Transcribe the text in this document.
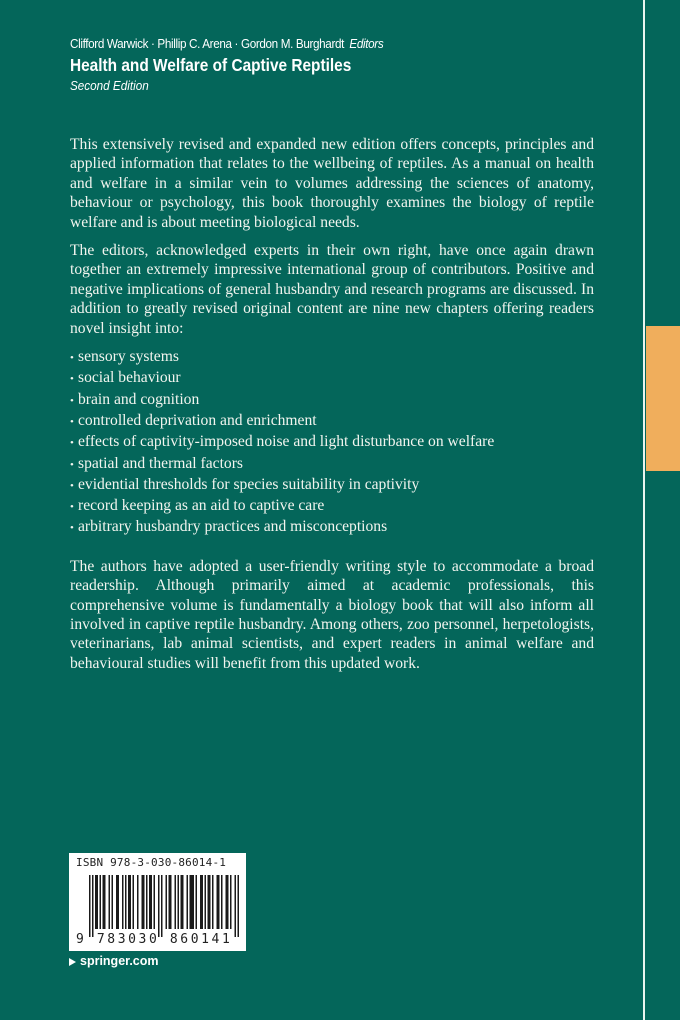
Clifford Warwick · Phillip C. Arena · Gordon M. Burghardt Editors
Health and Welfare of Captive Reptiles
Second Edition

This extensively revised and expanded new edition offers concepts, principles and applied information that relates to the wellbeing of reptiles. As a manual on health and welfare in a similar vein to volumes addressing the sciences of anatomy, behaviour or psychology, this book thoroughly examines the biology of reptile welfare and is about meeting biological needs.

The editors, acknowledged experts in their own right, have once again drawn together an extremely impressive international group of contributors. Positive and negative implications of general husbandry and research programs are discussed. In addition to greatly revised original content are nine new chapters offering readers novel insight into:

• sensory systems
• social behaviour
• brain and cognition
• controlled deprivation and enrichment
• effects of captivity-imposed noise and light disturbance on welfare
• spatial and thermal factors
• evidential thresholds for species suitability in captivity
• record keeping as an aid to captive care
• arbitrary husbandry practices and misconceptions

The authors have adopted a user-friendly writing style to accommodate a broad readership. Although primarily aimed at academic professionals, this comprehensive volume is fundamentally a biology book that will also inform all involved in captive reptile husbandry. Among others, zoo personnel, herpetologists, veterinarians, lab animal scientists, and expert readers in animal welfare and behavioural studies will benefit from this updated work.

ISBN 978-3-030-86014-1
9 783030 860141
springer.com
